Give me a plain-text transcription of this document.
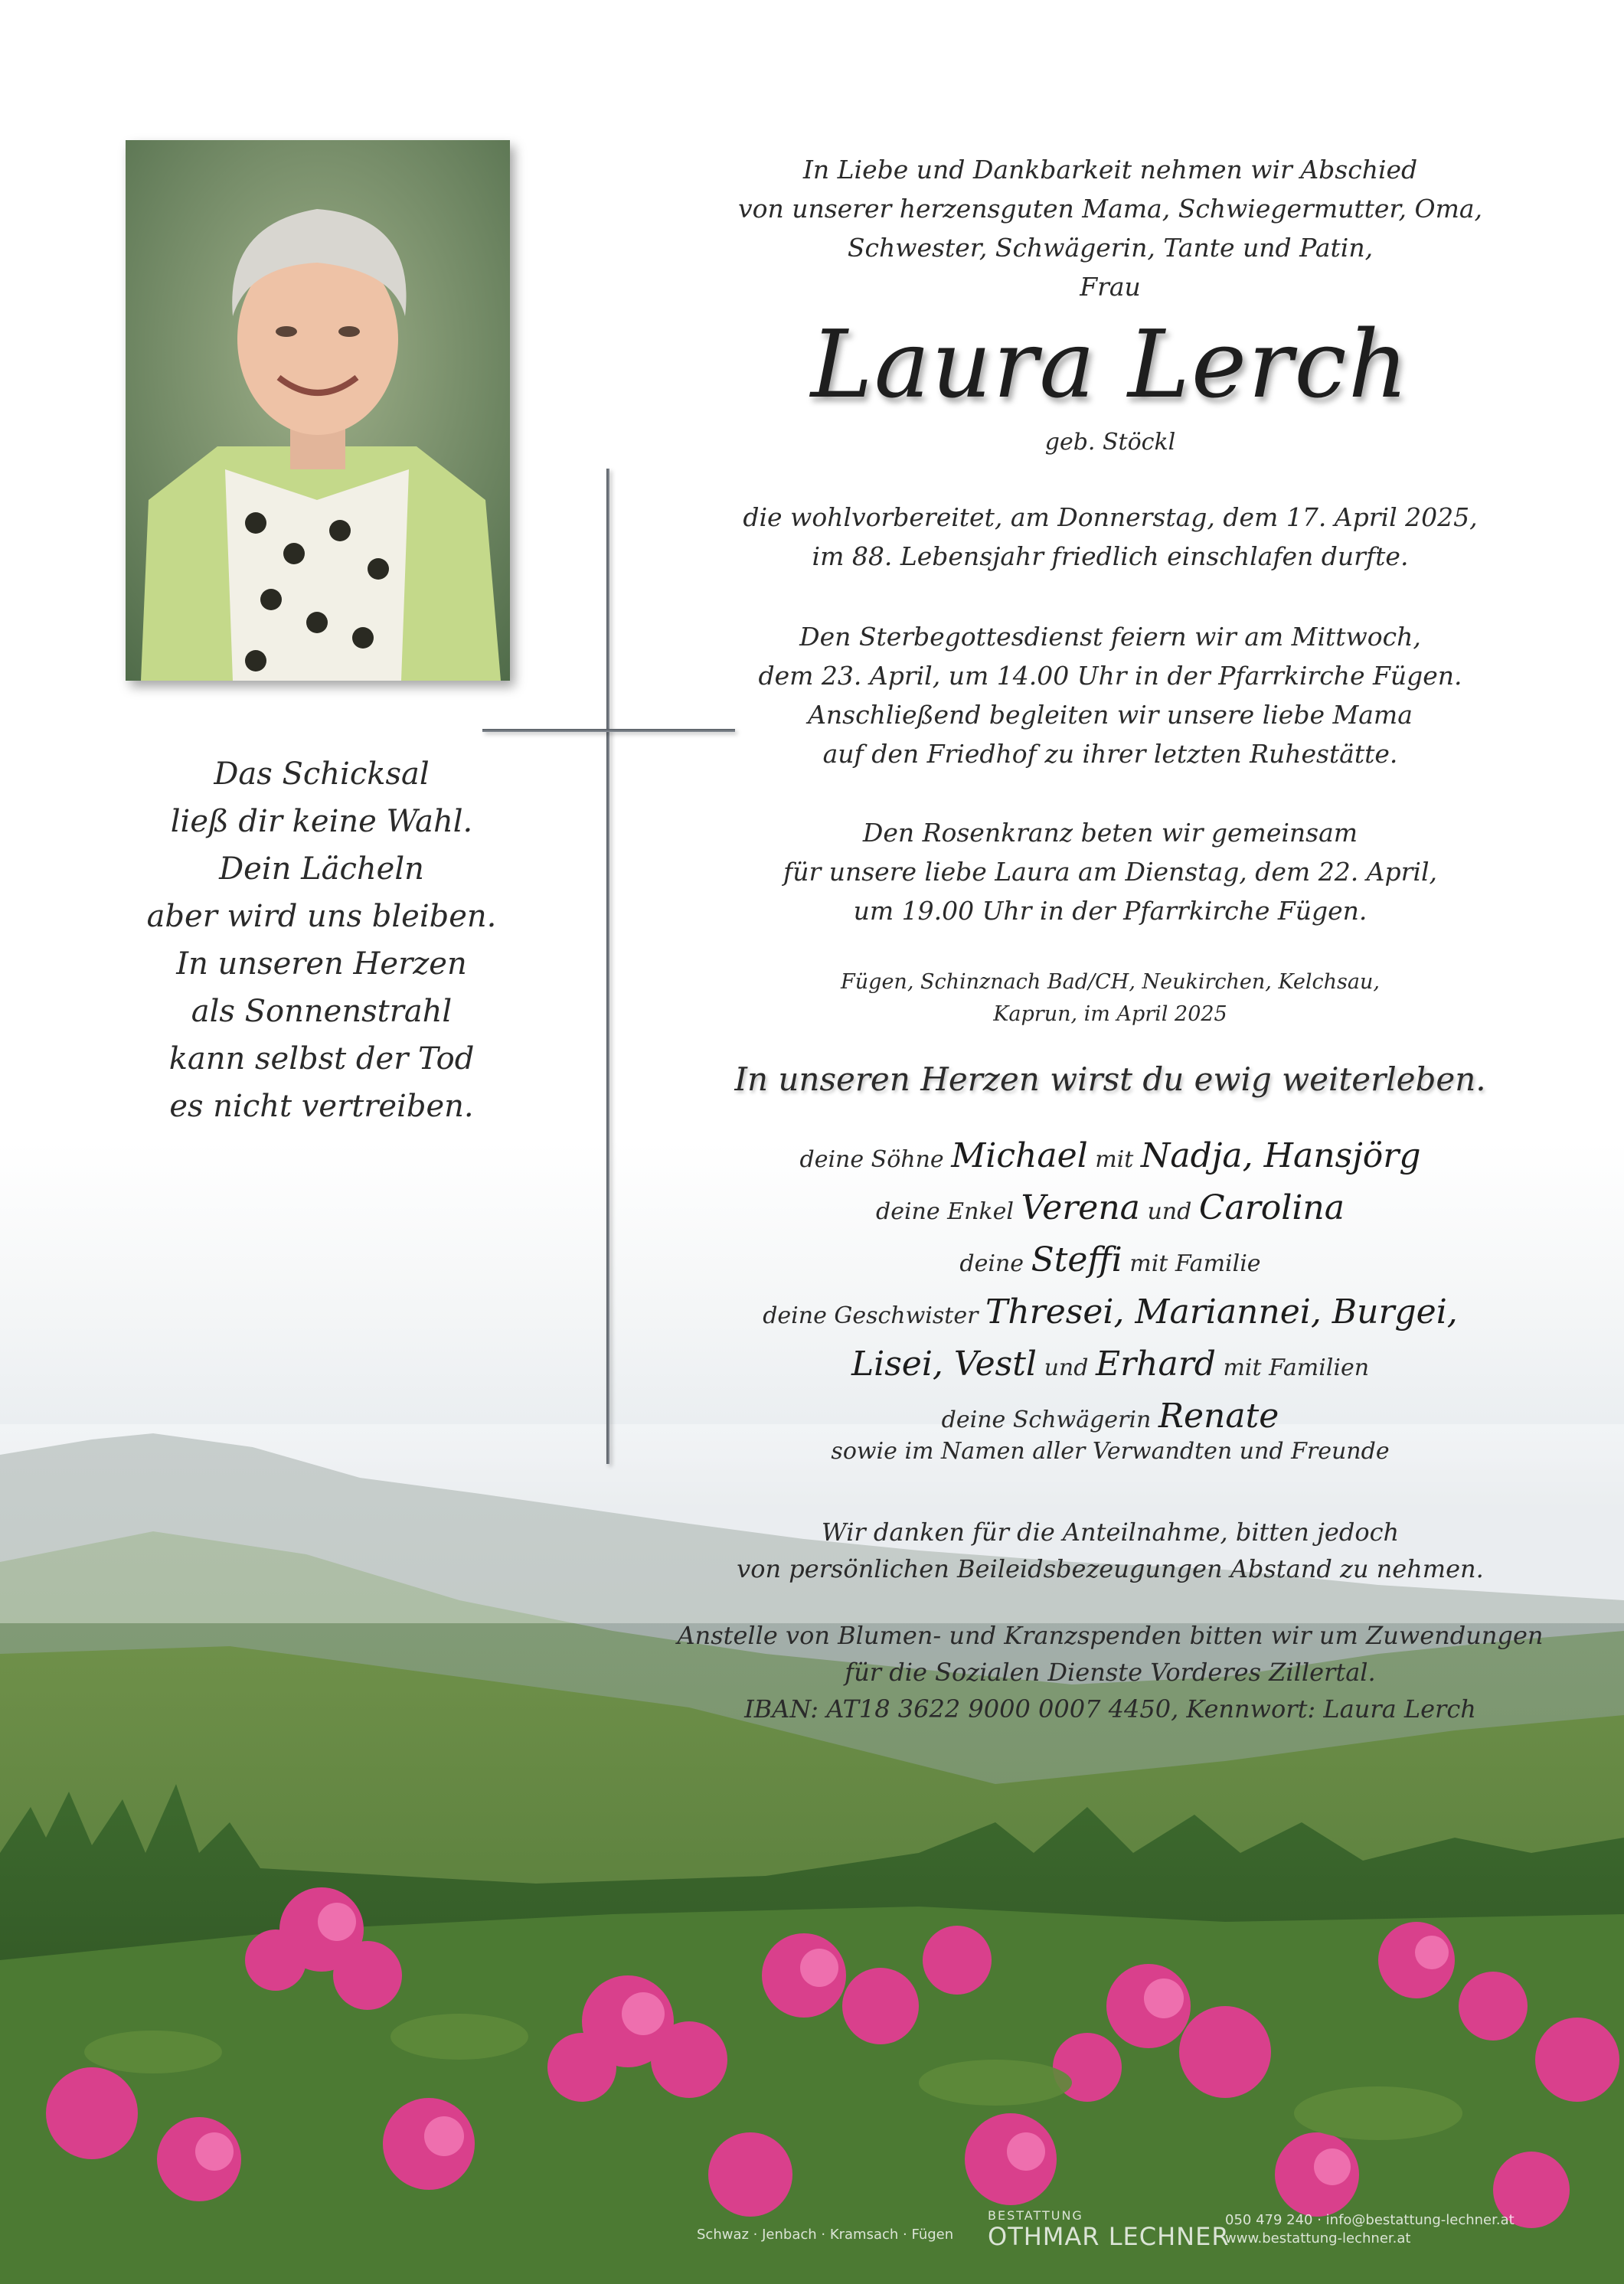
Das Schicksal
ließ dir keine Wahl.
Dein Lächeln
aber wird uns bleiben.
In unseren Herzen
als Sonnenstrahl
kann selbst der Tod
es nicht vertreiben.
In Liebe und Dankbarkeit nehmen wir Abschied
von unserer herzensguten Mama, Schwiegermutter, Oma,
Schwester, Schwägerin, Tante und Patin,
Frau
Laura Lerch
geb. Stöckl
die wohlvorbereitet, am Donnerstag, dem 17. April 2025,
im 88. Lebensjahr friedlich einschlafen durfte.
Den Sterbegottesdienst feiern wir am Mittwoch,
dem 23. April, um 14.00 Uhr in der Pfarrkirche Fügen.
Anschließend begleiten wir unsere liebe Mama
auf den Friedhof zu ihrer letzten Ruhestätte.
Den Rosenkranz beten wir gemeinsam
für unsere liebe Laura am Dienstag, dem 22. April,
um 19.00 Uhr in der Pfarrkirche Fügen.
Fügen, Schinznach Bad/CH, Neukirchen, Kelchsau,
Kaprun, im April 2025
In unseren Herzen wirst du ewig weiterleben.
deine Söhne Michael mit Nadja, Hansjörg
deine Enkel Verena und Carolina
deine Steffi mit Familie
deine Geschwister Thresei, Mariannei, Burgei,
Lisei, Vestl und Erhard mit Familien
deine Schwägerin Renate
sowie im Namen aller Verwandten und Freunde
Wir danken für die Anteilnahme, bitten jedoch
von persönlichen Beileidsbezeugungen Abstand zu nehmen.
Anstelle von Blumen- und Kranzspenden bitten wir um Zuwendungen
für die Sozialen Dienste Vorderes Zillertal.
IBAN: AT18 3622 9000 0007 4450, Kennwort: Laura Lerch
Schwaz · Jenbach · Kramsach · Fügen
BESTATTUNG
OTHMAR LECHNER
050 479 240 · info@bestattung-lechner.at
www.bestattung-lechner.at
